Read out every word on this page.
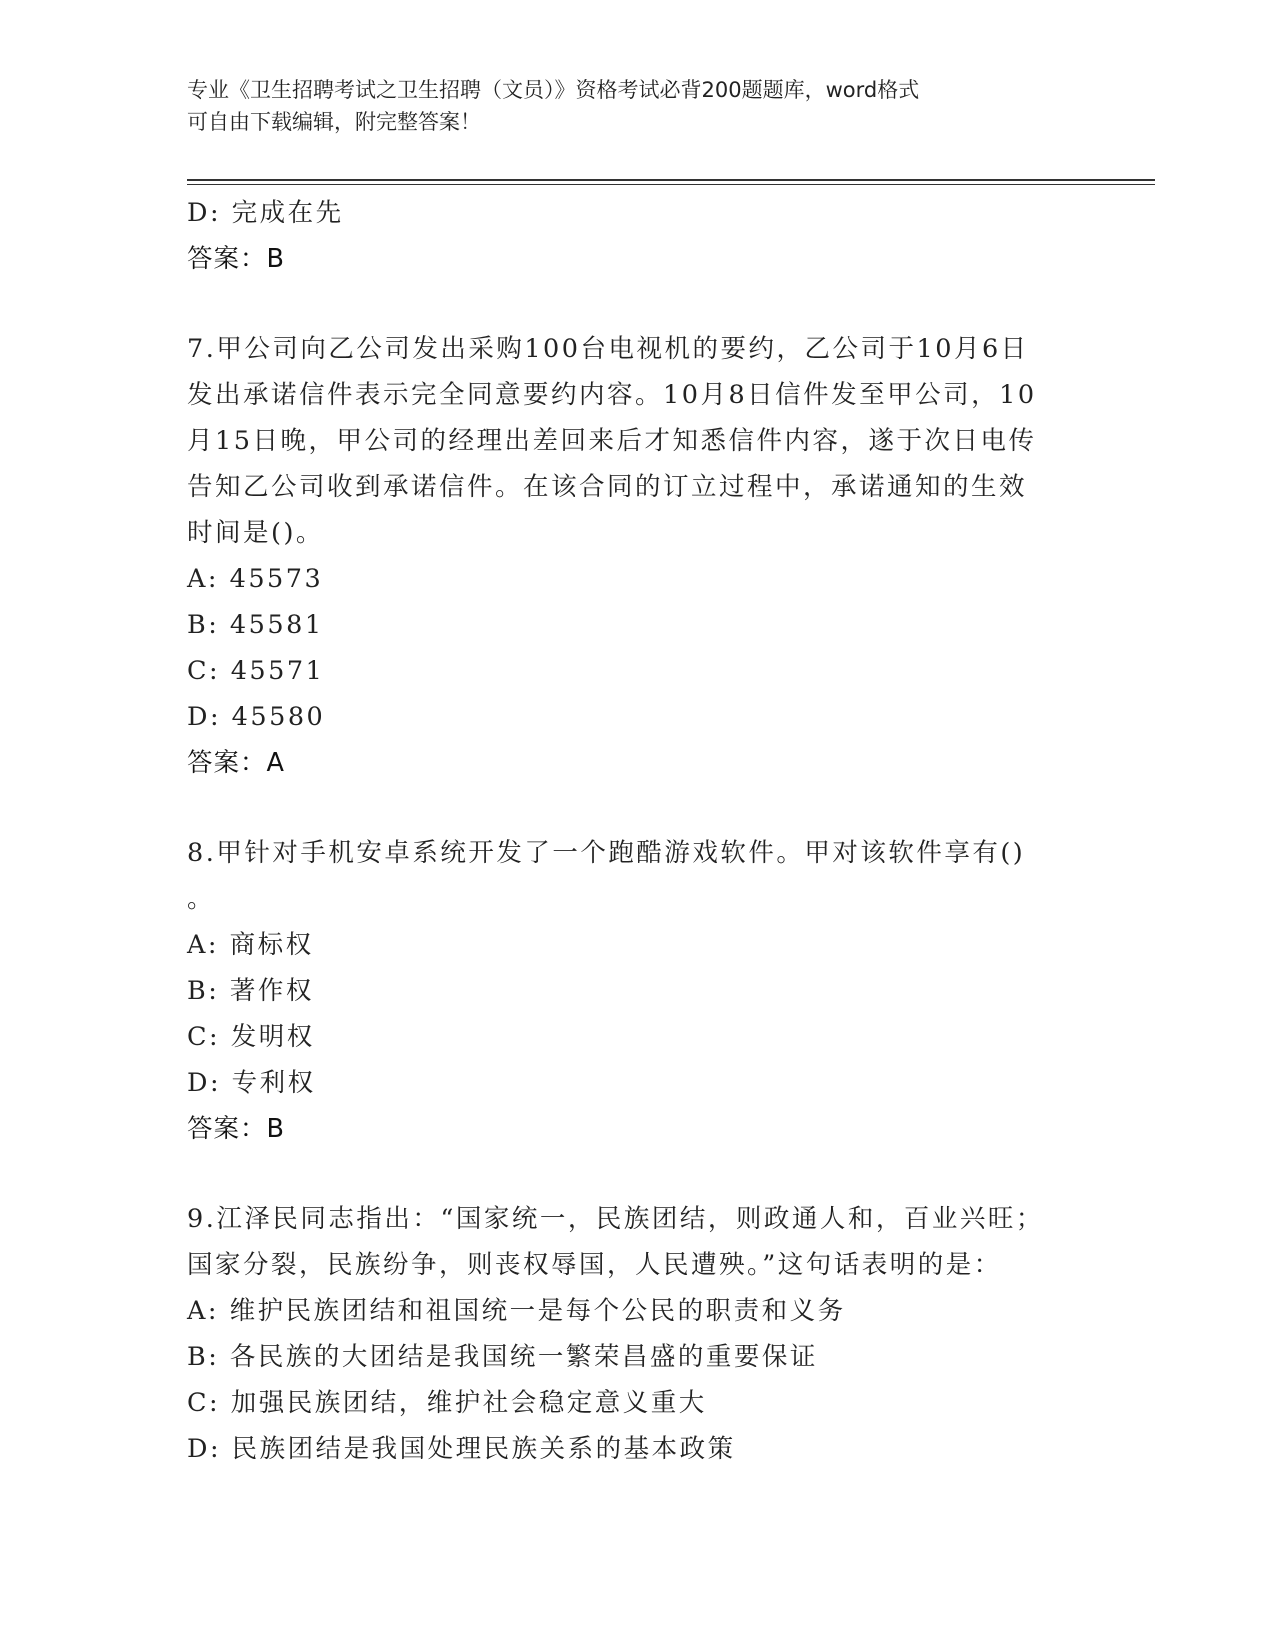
专业《卫生招聘考试之卫生招聘（文员）》资格考试必背200题题库，word格式
可自由下载编辑，附完整答案！
D: 完成在先
答案：B
7.甲公司向乙公司发出采购100台电视机的要约，乙公司于10月6日
发出承诺信件表示完全同意要约内容。10月8日信件发至甲公司，10
月15日晚，甲公司的经理出差回来后才知悉信件内容，遂于次日电传
告知乙公司收到承诺信件。在该合同的订立过程中，承诺通知的生效
时间是()。
A: 45573
B: 45581
C: 45571
D: 45580
答案：A
8.甲针对手机安卓系统开发了一个跑酷游戏软件。甲对该软件享有()
。
A: 商标权
B: 著作权
C: 发明权
D: 专利权
答案：B
9.江泽民同志指出：“国家统一，民族团结，则政通人和，百业兴旺；
国家分裂，民族纷争，则丧权辱国，人民遭殃。”这句话表明的是：
A: 维护民族团结和祖国统一是每个公民的职责和义务
B: 各民族的大团结是我国统一繁荣昌盛的重要保证
C: 加强民族团结，维护社会稳定意义重大
D: 民族团结是我国处理民族关系的基本政策
